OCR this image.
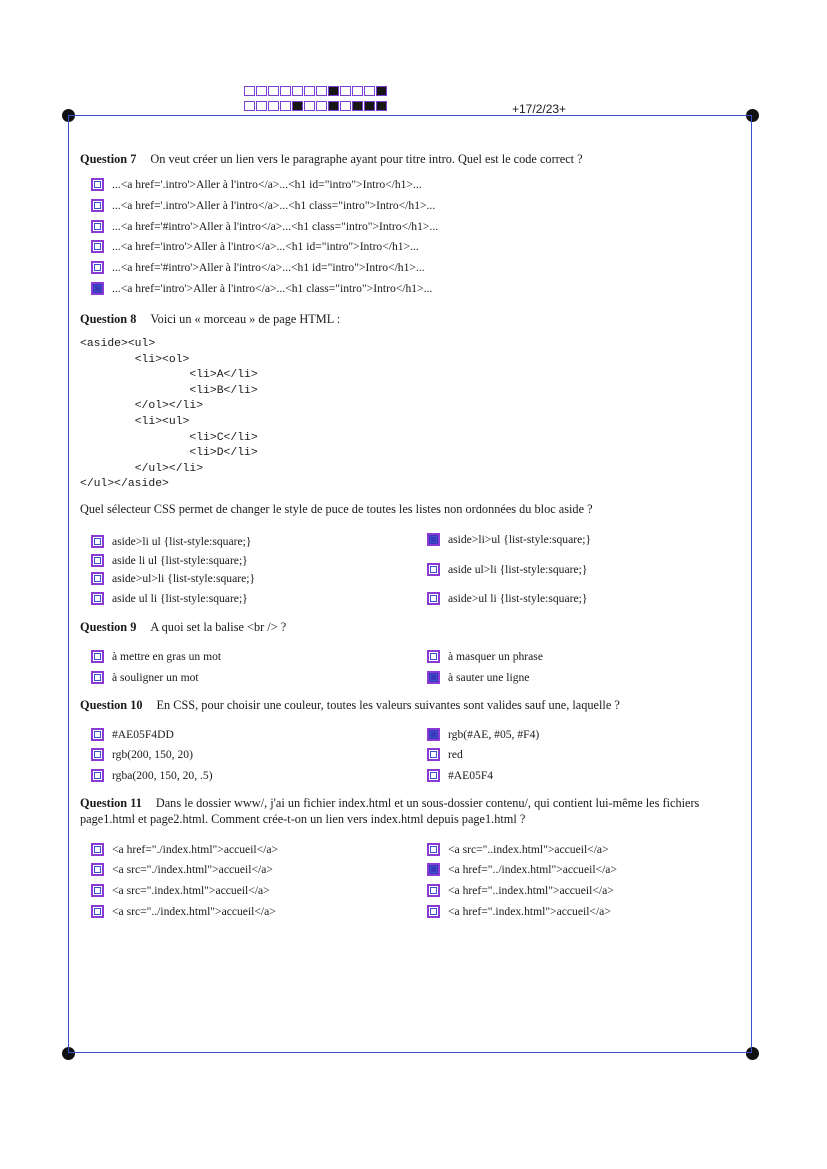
+17/2/23+
Question 7 On veut créer un lien vers le paragraphe ayant pour titre intro. Quel est le code correct ?
...<a href='.intro'>Aller à l'intro</a>...<h1 id="intro">Intro</h1>...
...<a href='.intro'>Aller à l'intro</a>...<h1 class="intro">Intro</h1>...
...<a href='#intro'>Aller à l'intro</a>...<h1 class="intro">Intro</h1>...
...<a href='intro'>Aller à l'intro</a>...<h1 id="intro">Intro</h1>...
...<a href='#intro'>Aller à l'intro</a>...<h1 id="intro">Intro</h1>...
...<a href='intro'>Aller à l'intro</a>...<h1 class="intro">Intro</h1>...
Question 8 Voici un « morceau » de page HTML :
<aside><ul>
	<li><ol>
		<li>A</li>
		<li>B</li>
	</ol></li>
	<li><ul>
		<li>C</li>
		<li>D</li>
	</ul></li>
</ul></aside>
Quel sélecteur CSS permet de changer le style de puce de toutes les listes non ordonnées du bloc aside ?
aside>li ul {list-style:square;}
aside li ul {list-style:square;}
aside>ul>li {list-style:square;}
aside ul li {list-style:square;}
aside>li>ul {list-style:square;}
aside ul>li {list-style:square;}
aside>ul li {list-style:square;}
Question 9 A quoi set la balise <br /> ?
à mettre en gras un mot
à souligner un mot
à masquer un phrase
à sauter une ligne
Question 10 En CSS, pour choisir une couleur, toutes les valeurs suivantes sont valides sauf une, laquelle ?
#AE05F4DD
rgb(200, 150, 20)
rgba(200, 150, 20, .5)
rgb(#AE, #05, #F4)
red
#AE05F4
Question 11 Dans le dossier www/, j'ai un fichier index.html et un sous-dossier contenu/, qui contient lui-même les fichiers
page1.html et page2.html. Comment crée-t-on un lien vers index.html depuis page1.html ?
<a href="./index.html">accueil</a>
<a src="./index.html">accueil</a>
<a src=".index.html">accueil</a>
<a src="../index.html">accueil</a>
<a src="..index.html">accueil</a>
<a href="../index.html">accueil</a>
<a href="..index.html">accueil</a>
<a href=".index.html">accueil</a>
